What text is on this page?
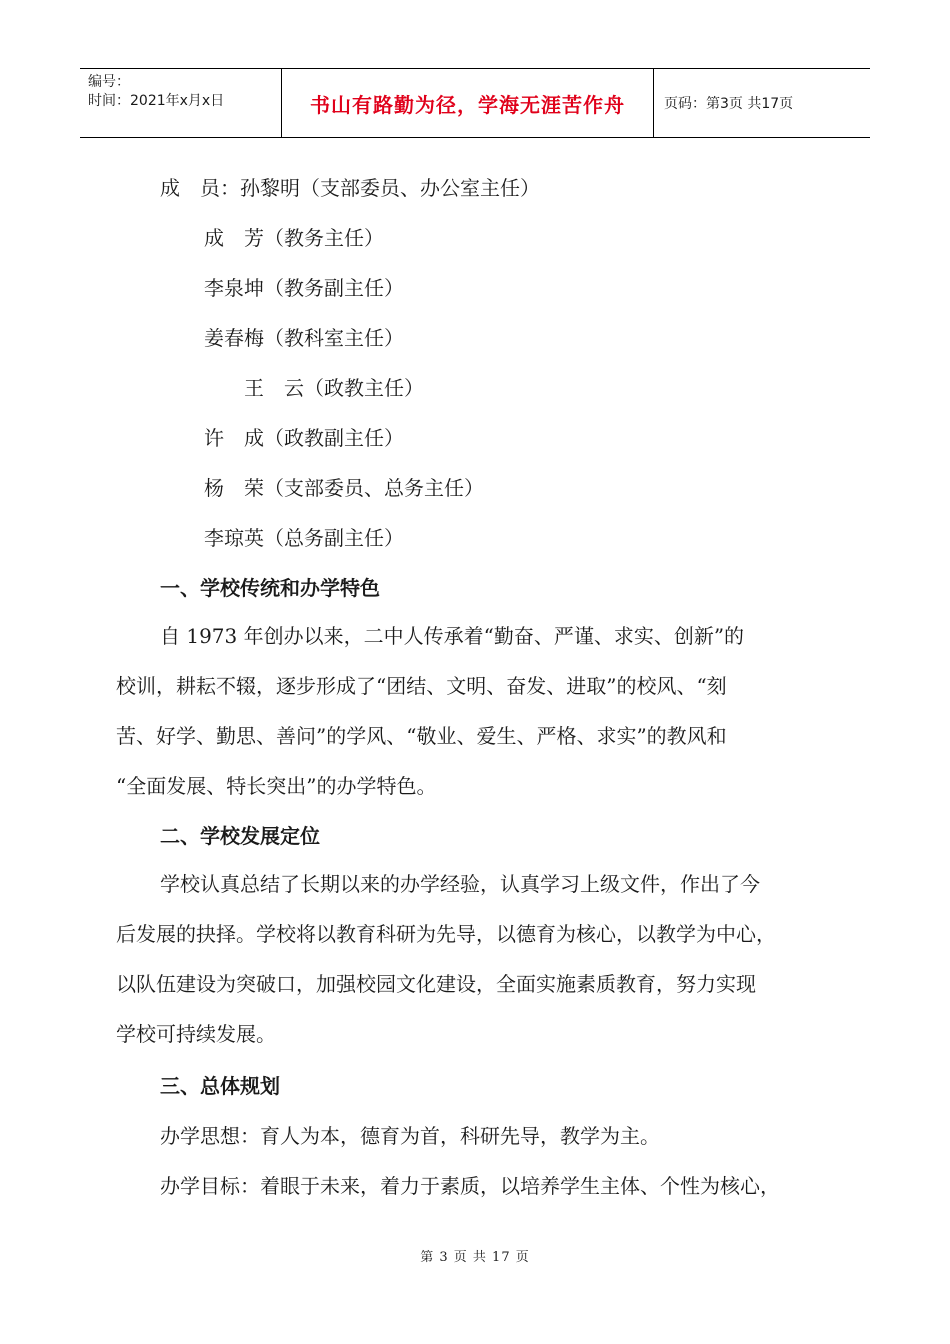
编号：
时间：2021年x月x日	书山有路勤为径，学海无涯苦作舟	页码：第3页 共17页
成　员：孙黎明（支部委员、办公室主任）
成　芳（教务主任）
李泉坤（教务副主任）
姜春梅（教科室主任）
王　云（政教主任）
许　成（政教副主任）
杨　荣（支部委员、总务主任）
李琼英（总务副主任）
一、学校传统和办学特色
自 1973 年创办以来，二中人传承着“勤奋、严谨、求实、创新”的
校训，耕耘不辍，逐步形成了“团结、文明、奋发、进取”的校风、“刻
苦、好学、勤思、善问”的学风、“敬业、爱生、严格、求实”的教风和
“全面发展、特长突出”的办学特色。
二、学校发展定位
学校认真总结了长期以来的办学经验，认真学习上级文件，作出了今
后发展的抉择。学校将以教育科研为先导，以德育为核心，以教学为中心，
以队伍建设为突破口，加强校园文化建设，全面实施素质教育，努力实现
学校可持续发展。
三、总体规划
办学思想：育人为本，德育为首，科研先导，教学为主。
办学目标：着眼于未来，着力于素质，以培养学生主体、个性为核心，
第 3 页 共 17 页
